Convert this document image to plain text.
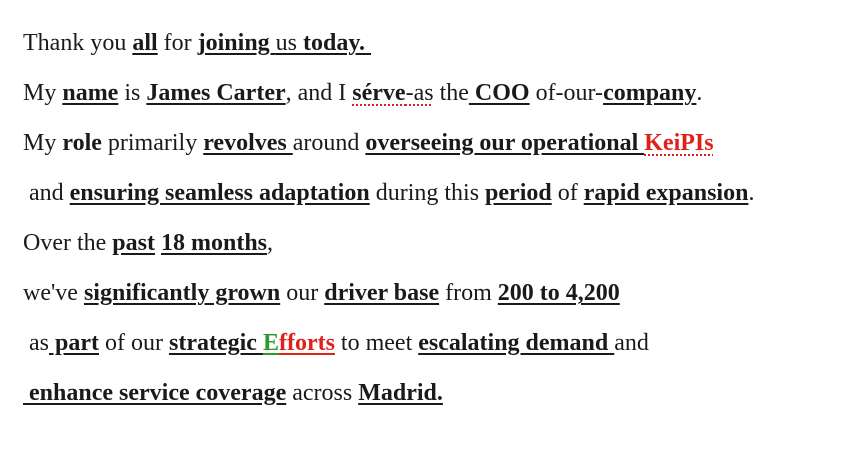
Thank you all for joining us today.

My name is James Carter, and I sérve-as the COO of-our-company.

My role primarily revolves around overseeing our operational KeiPIs

and ensuring seamless adaptation during this period of rapid expansion.

Over the past 18 months,

we've significantly grown our driver base from 200 to 4,200

as part of our strategic Efforts to meet escalating demand and

enhance service coverage across Madrid.
